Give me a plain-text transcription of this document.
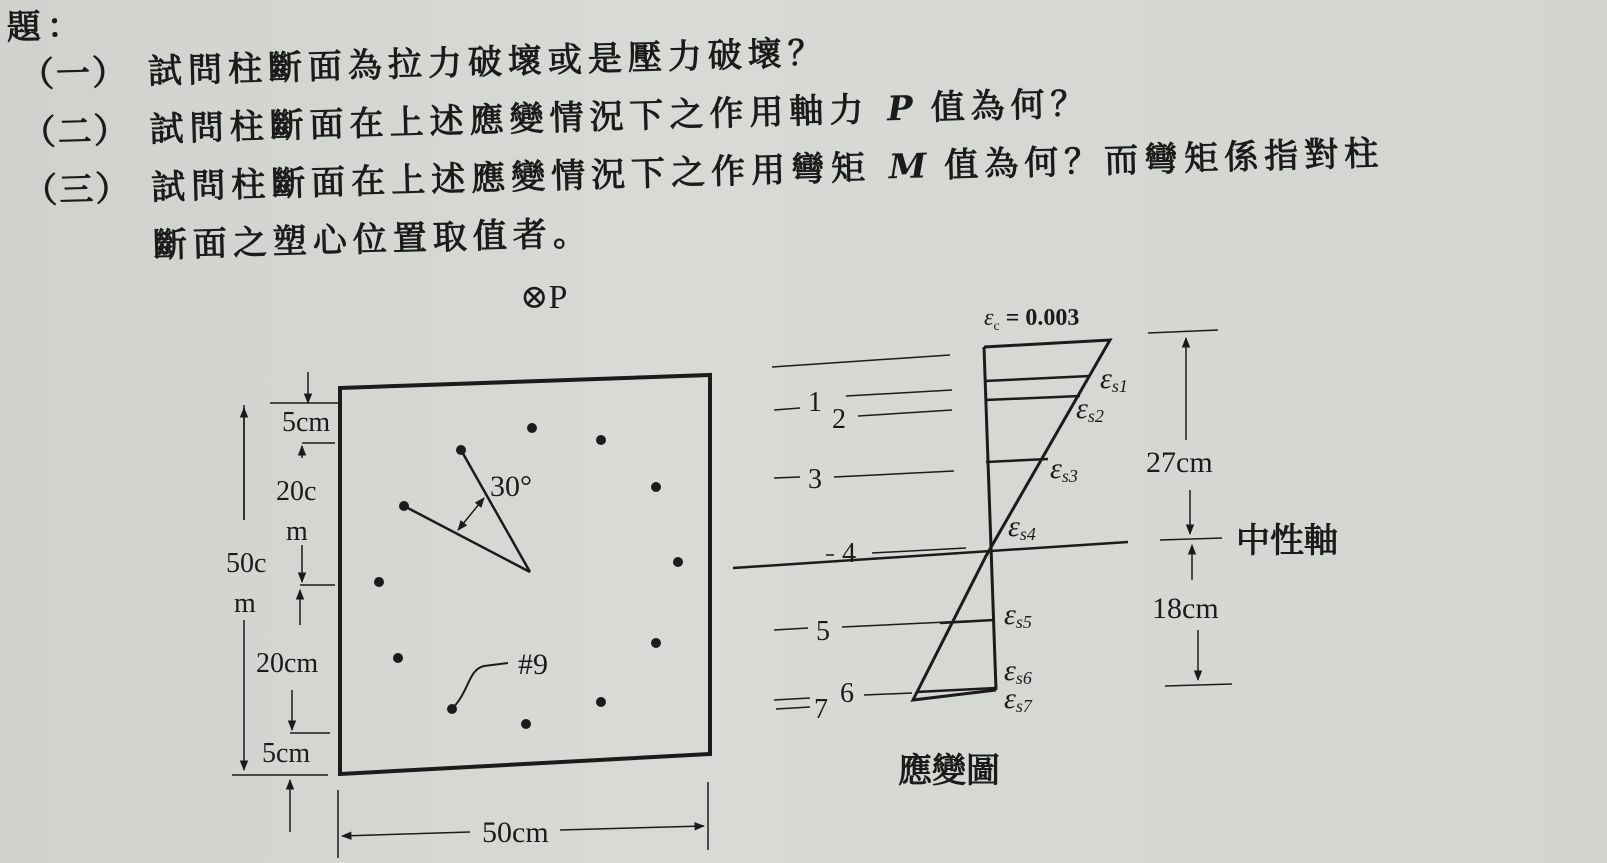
題：
（一） 試問柱斷面為拉力破壞或是壓力破壞？
（二） 試問柱斷面在上述應變情況下之作用軸力 P 值為何？
（三） 試問柱斷面在上述應變情況下之作用彎矩 M 值為何？而彎矩係指對柱
斷面之塑心位置取值者。
⊗P
30°
#9
5cm
20c
m
50c
m
20cm
5cm
50cm
1
2
3
4
5
6
7
$\varepsilon_c = 0.003$
εs1
εs2
εs3
εs4
εs5
εs6
εs7
27cm
18cm
中性軸
應變圖
